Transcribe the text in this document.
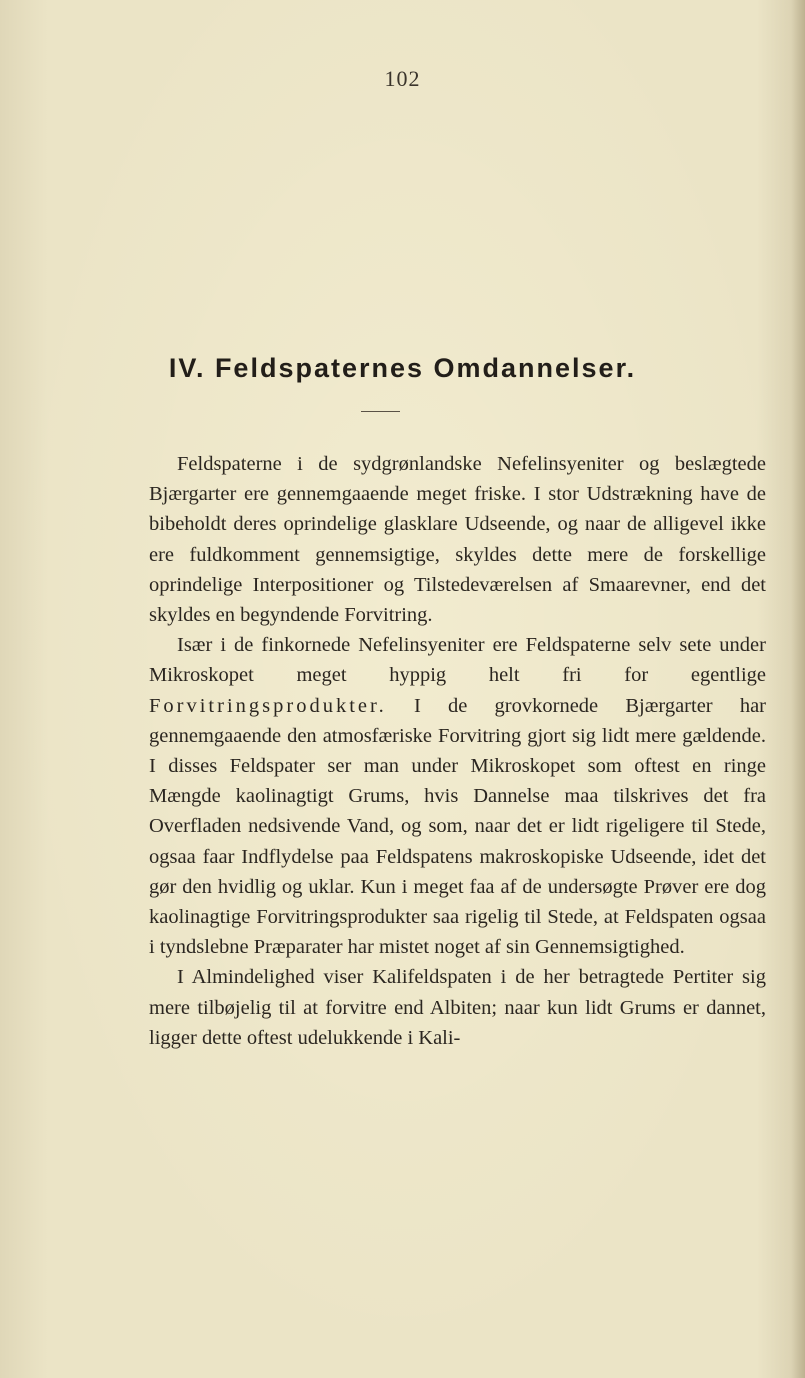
102
IV. Feldspaternes Omdannelser.

Feldspaterne i de sydgrønlandske Nefelinsyeniter og beslægtede Bjærgarter ere gennemgaaende meget friske. I stor Udstrækning have de bibeholdt deres oprindelige glasklare Udseende, og naar de alligevel ikke ere fuldkomment gennemsigtige, skyldes dette mere de forskellige oprindelige Interpositioner og Tilstedeværelsen af Smaarevner, end det skyldes en begyndende Forvitring.

Især i de finkornede Nefelinsyeniter ere Feldspaterne selv sete under Mikroskopet meget hyppig helt fri for egentlige Forvitringsprodukter. I de grovkornede Bjærgarter har gennemgaaende den atmosfæriske Forvitring gjort sig lidt mere gældende. I disses Feldspater ser man under Mikroskopet som oftest en ringe Mængde kaolinagtigt Grums, hvis Dannelse maa tilskrives det fra Overfladen nedsivende Vand, og som, naar det er lidt rigeligere til Stede, ogsaa faar Indflydelse paa Feldspatens makroskopiske Udseende, idet det gør den hvidlig og uklar. Kun i meget faa af de undersøgte Prøver ere dog kaolinagtige Forvitringsprodukter saa rigelig til Stede, at Feldspaten ogsaa i tyndslebne Præparater har mistet noget af sin Gennemsigtighed.

I Almindelighed viser Kalifeldspaten i de her betragtede Pertiter sig mere tilbøjelig til at forvitre end Albiten; naar kun lidt Grums er dannet, ligger dette oftest udelukkende i Kali-
